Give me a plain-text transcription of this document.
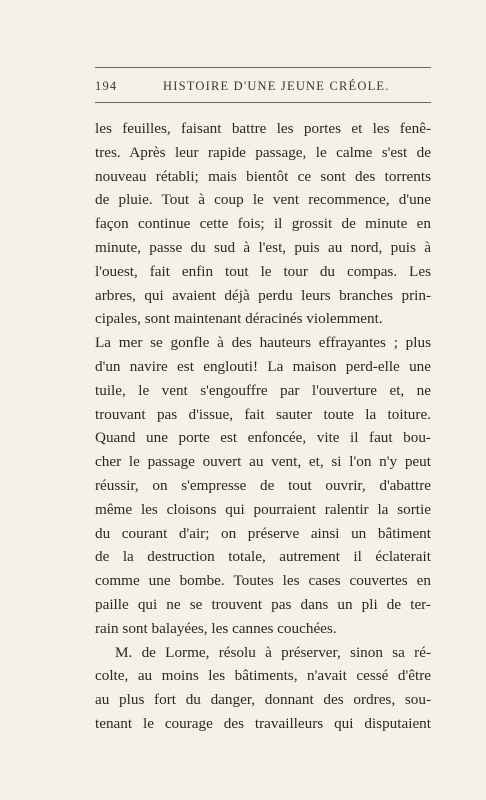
194	HISTOIRE D'UNE JEUNE CRÉOLE.
les feuilles, faisant battre les portes et les fenê-
tres. Après leur rapide passage, le calme s'est de
nouveau rétabli; mais bientôt ce sont des torrents
de pluie. Tout à coup le vent recommence, d'une
façon continue cette fois; il grossit de minute en
minute, passe du sud à l'est, puis au nord, puis à
l'ouest, fait enfin tout le tour du compas. Les
arbres, qui avaient déjà perdu leurs branches prin-
cipales, sont maintenant déracinés violemment.
La mer se gonfle à des hauteurs effrayantes ; plus
d'un navire est englouti! La maison perd-elle une
tuile, le vent s'engouffre par l'ouverture et, ne
trouvant pas d'issue, fait sauter toute la toiture.
Quand une porte est enfoncée, vite il faut bou-
cher le passage ouvert au vent, et, si l'on n'y peut
réussir, on s'empresse de tout ouvrir, d'abattre
même les cloisons qui pourraient ralentir la sortie
du courant d'air; on préserve ainsi un bâtiment
de la destruction totale, autrement il éclaterait
comme une bombe. Toutes les cases couvertes en
paille qui ne se trouvent pas dans un pli de ter-
rain sont balayées, les cannes couchées.
M. de Lorme, résolu à préserver, sinon sa ré-
colte, au moins les bâtiments, n'avait cessé d'être
au plus fort du danger, donnant des ordres, sou-
tenant le courage des travailleurs qui disputaient
